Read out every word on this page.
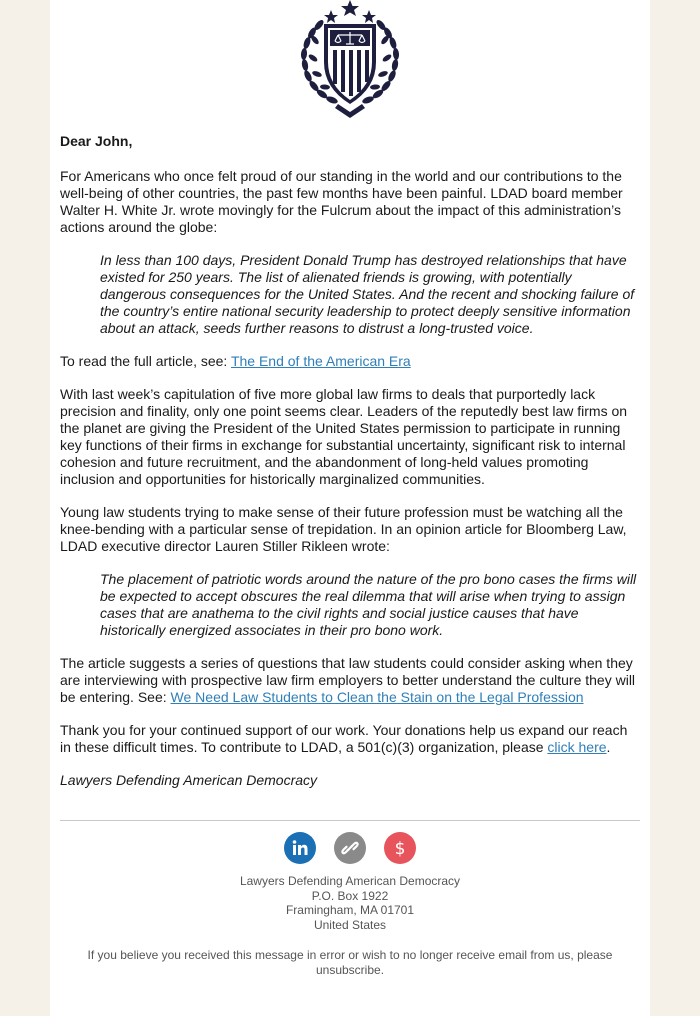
Dear John,

For Americans who once felt proud of our standing in the world and our contributions to the well-being of other countries, the past few months have been painful. LDAD board member Walter H. White Jr. wrote movingly for the Fulcrum about the impact of this administration’s actions around the globe:

In less than 100 days, President Donald Trump has destroyed relationships that have existed for 250 years. The list of alienated friends is growing, with potentially dangerous consequences for the United States. And the recent and shocking failure of the country’s entire national security leadership to protect deeply sensitive information about an attack, seeds further reasons to distrust a long-trusted voice.

To read the full article, see: The End of the American Era

With last week’s capitulation of five more global law firms to deals that purportedly lack precision and finality, only one point seems clear. Leaders of the reputedly best law firms on the planet are giving the President of the United States permission to participate in running key functions of their firms in exchange for substantial uncertainty, significant risk to internal cohesion and future recruitment, and the abandonment of long-held values promoting inclusion and opportunities for historically marginalized communities.

Young law students trying to make sense of their future profession must be watching all the knee-bending with a particular sense of trepidation. In an opinion article for Bloomberg Law, LDAD executive director Lauren Stiller Rikleen wrote:

The placement of patriotic words around the nature of the pro bono cases the firms will be expected to accept obscures the real dilemma that will arise when trying to assign cases that are anathema to the civil rights and social justice causes that have historically energized associates in their pro bono work.

The article suggests a series of questions that law students could consider asking when they are interviewing with prospective law firm employers to better understand the culture they will be entering. See: We Need Law Students to Clean the Stain on the Legal Profession

Thank you for your continued support of our work. Your donations help us expand our reach in these difficult times. To contribute to LDAD, a 501(c)(3) organization, please click here.

Lawyers Defending American Democracy

$
Lawyers Defending American Democracy
P.O. Box 1922
Framingham, MA 01701
United States
If you believe you received this message in error or wish to no longer receive email from us, please unsubscribe.
